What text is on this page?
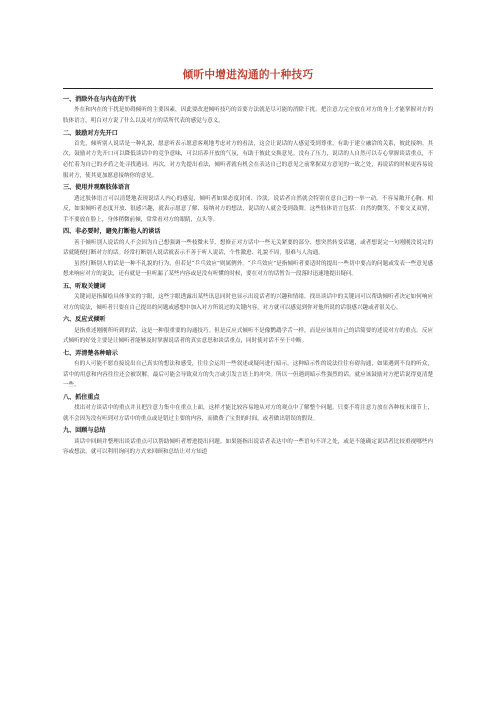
倾听中增进沟通的十种技巧
一、消除外在与内在的干扰

外在和内在的干扰是妨碍倾听的主要因素，因此要改进倾听技巧的首要方法就是尽可能的消除干扰。把注意力完全放在对方的身上才能掌握对方的肢体语言，明白对方说了什么以及对方的话所代表的感觉与意义。

二、鼓励对方先开口

首先，倾听别人说话是一种礼貌，愿意听表示愿意客观地考虑对方的看法，这会让说话的人感觉受到尊重，有助于建立融洽的关系，彼此接纳。其次，鼓励对方先开口可以降低谈话中的竞争意味，可以培养开放的气氛，有助于彼此交换意见。没有了压力，说话的人自然可以专心掌握谈话重点，不必忙着为自己的矛盾之处寻找遁词。再次，对方先提出看法，倾听者就有机会在表达自己的意见之前掌握双方意见的一致之处，再说话的时候更容易说服对方，使其更加愿意接纳你的意见。

三、使用并观察肢体语言

透过肢体语言可以清楚地表现说话人内心的感觉，倾听者如果态度封闭、冷淡，说话者自然就会特别在意自己的一举一动，不容易敞开心胸。相反，如果倾听者态度开放、很感兴趣，就表示愿意了解、接纳对方的想法，说话的人就会受到鼓舞。这些肢体语言包括：自然的微笑，不要交叉双臂，手不要放在脸上，身体稍微前倾，常常看对方的眼睛，点头等。

四、非必要时，避免打断他人的谈话

善于倾听别人说话的人不会因为自己想强调一些枝微末节、想修正对方话中一些无关紧要的部分、想突然转变话题，或者想说完一句刚刚没说完的话就随便打断对方的话。经常打断别人说话就表示不善于听人说话，个性激进、礼貌不周，很难与人沟通。

虽然打断别人的话是一种不礼貌的行为，但若是“乒乓效应”则属例外。“乒乓效应”是指倾听者要适时的提出一些切中要点的问题或发表一些意见感想来响应对方的说法，还有就是一但听漏了某些内容或是没有听懂的时候，要在对方的话暂告一段落时迅速地提出疑问。

五、听取关键词

关键词是指描绘具体事实的字眼，这些字眼透露出某些讯息同时也显示出说话者的兴趣和情绪。找出谈话中的关键词可以帮助倾听者决定如何响应对方的说法，倾听者只要在自己提出的问题或感想中加入对方所说过的关键内容，对方就可以感觉到你对他所说的话很感兴趣或者很关心。

六、反应式倾听

是指重述刚刚所听到的话，这是一种很重要的沟通技巧。但是反应式倾听不是像鹦鹉学舌一样，而是应该用自己的话简要的述说对方的重点。反应式倾听的好处主要是让倾听者能够及时掌握说话者的真实意思和谈话重点，同时使对话不至于中断。

七、弄清楚各种暗示

有的人可能不愿直接说出自己真实的想法和感受，往往会运用一些叙述或疑问进行暗示。这种暗示性的说法往往有碍沟通，如果遇到不良的听众，话中的用意和内容往往还会被误解，最后可能会导致双方的失言或引发言语上的冲突。所以一但遇到暗示性强烈的话，就应该鼓励对方把话说得更清楚一些。

八、抓住重点

找出对方谈话中的重点并且把注意力集中在重点上面，这样才能比较容易地从对方的观点中了解整个问题。只要不将注意力放在各种枝末细节上，就不会因为没有听到对方话中的重点或是错过主要的内容，而做费了宝贵的时间，或者做出错误的假设。

九、回顾与总结

谈话中回顾并整理出谈话重点可以帮助倾听者增进提出问题。如果能指出说话者表达中的一些语句不详之处，或是不能确定说话者比较重视哪些内容或想法，就可以利用询问的方式来回顾和总结让对方知道
